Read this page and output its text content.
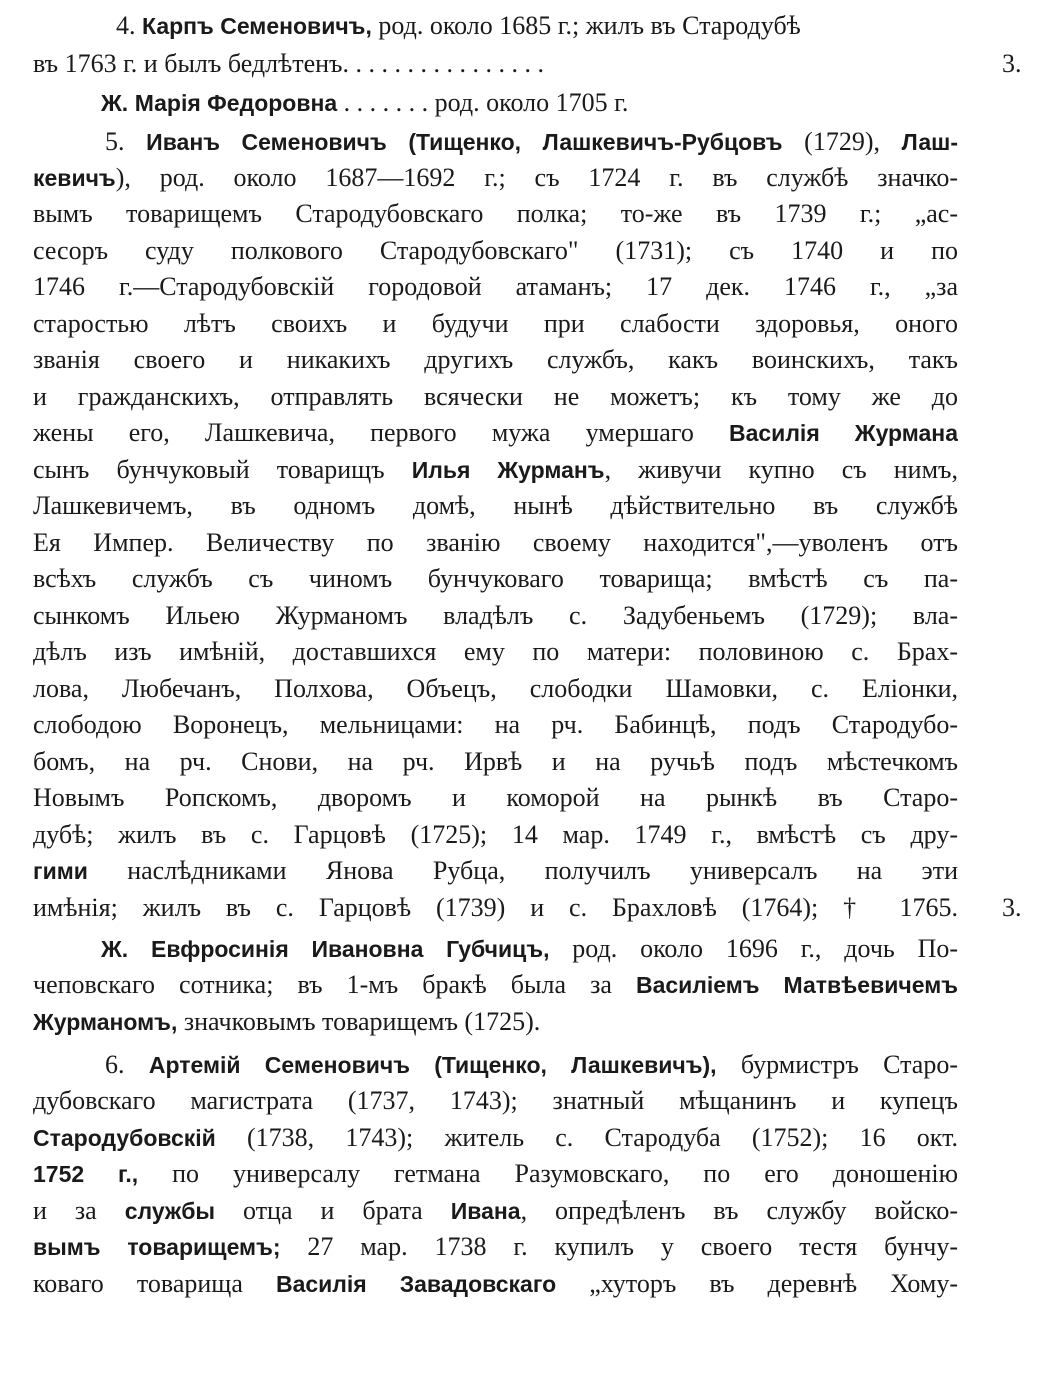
4. Карпъ Семеновичъ, род. около 1685 г.; жилъ въ Стародубѣ
въ 1763 г. и былъ бедлѣтенъ. . . . . . . . . . . . . . . .	3.
Ж. Марія Федоровна . . . . . . . род. около 1705 г.
5. Иванъ Семеновичъ (Тищенко, Лашкевичъ-Рубцовъ (1729), Лаш-
кевичъ), род. около 1687—1692 г.; съ 1724 г. въ службѣ значко-
вымъ товарищемъ Стародубовскаго полка; то-же въ 1739 г.; „ас-
сесоръ суду полкового Стародубовскаго" (1731); съ 1740 и по
1746 г.—Стародубовскій городовой атаманъ; 17 дек. 1746 г., „за
старостью лѣтъ своихъ и будучи при слабости здоровья, оного
званія своего и никакихъ другихъ службъ, какъ воинскихъ, такъ
и гражданскихъ, отправлять всячески не можетъ; къ тому же до
жены его, Лашкевича, первого мужа умершаго Василія Журмана
сынъ бунчуковый товарищъ Илья Журманъ, живучи купно съ нимъ,
Лашкевичемъ, въ одномъ домѣ, нынѣ дѣйствительно въ службѣ
Ея Импер. Величеству по званію своему находится",—уволенъ отъ
всѣхъ службъ съ чиномъ бунчуковаго товарища; вмѣстѣ съ па-
сынкомъ Ильею Журманомъ владѣлъ с. Задубеньемъ (1729); вла-
дѣлъ изъ имѣній, доставшихся ему по матери: половиною с. Брах-
лова, Любечанъ, Полхова, Объецъ, слободки Шамовки, с. Еліонки,
слободою Воронецъ, мельницами: на рч. Бабинцѣ, подъ Стародубо-
бомъ, на рч. Снови, на рч. Ирвѣ и на ручьѣ подъ мѣстечкомъ
Новымъ Ропскомъ, дворомъ и коморой на рынкѣ въ Старо-
дубѣ; жилъ въ с. Гарцовѣ (1725); 14 мар. 1749 г., вмѣстѣ съ дру-
гими наслѣдниками Янова Рубца, получилъ универсалъ на эти
имѣнія; жилъ въ с. Гарцовѣ (1739) и с. Брахловѣ (1764); † 1765. 3.
Ж. Евфросинія Ивановна Губчицъ, род. около 1696 г., дочь По-
чеповскаго сотника; въ 1-мъ бракѣ была за Василіемъ Матвѣевичемъ
Журманомъ, значковымъ товарищемъ (1725).
6. Артемій Семеновичъ (Тищенко, Лашкевичъ), бурмистръ Старо-
дубовскаго магистрата (1737, 1743); знатный мѣщанинъ и купецъ
Стародубовскій (1738, 1743); житель с. Стародуба (1752); 16 окт.
1752 г., по универсалу гетмана Разумовскаго, по его доношенію
и за службы отца и брата Ивана, опредѣленъ въ службу войско-
вымъ товарищемъ; 27 мар. 1738 г. купилъ у своего тестя бунчу-
коваго товарища Василія Завадовскаго „хуторъ въ деревнѣ Хому-
